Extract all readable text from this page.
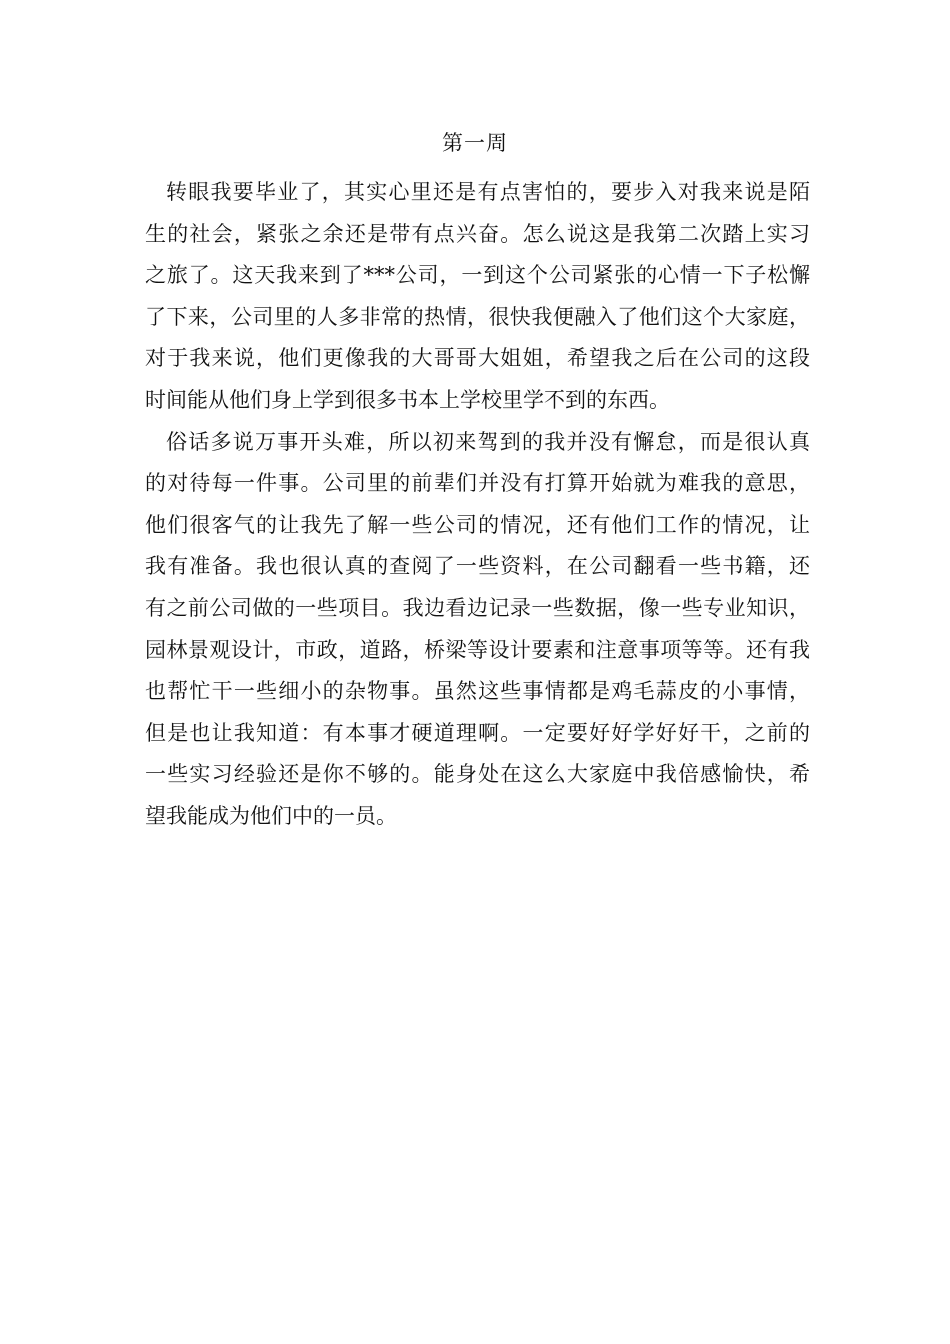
第一周

转眼我要毕业了，其实心里还是有点害怕的，要步入对我来说是陌
生的社会，紧张之余还是带有点兴奋。怎么说这是我第二次踏上实习
之旅了。这天我来到了***公司，一到这个公司紧张的心情一下子松懈
了下来，公司里的人多非常的热情，很快我便融入了他们这个大家庭，
对于我来说，他们更像我的大哥哥大姐姐，希望我之后在公司的这段
时间能从他们身上学到很多书本上学校里学不到的东西。

俗话多说万事开头难，所以初来驾到的我并没有懈怠，而是很认真
的对待每一件事。公司里的前辈们并没有打算开始就为难我的意思，
他们很客气的让我先了解一些公司的情况，还有他们工作的情况，让
我有准备。我也很认真的查阅了一些资料，在公司翻看一些书籍，还
有之前公司做的一些项目。我边看边记录一些数据，像一些专业知识，
园林景观设计，市政，道路，桥梁等设计要素和注意事项等等。还有我
也帮忙干一些细小的杂物事。虽然这些事情都是鸡毛蒜皮的小事情，
但是也让我知道：有本事才硬道理啊。一定要好好学好好干，之前的
一些实习经验还是你不够的。能身处在这么大家庭中我倍感愉快，希
望我能成为他们中的一员。
